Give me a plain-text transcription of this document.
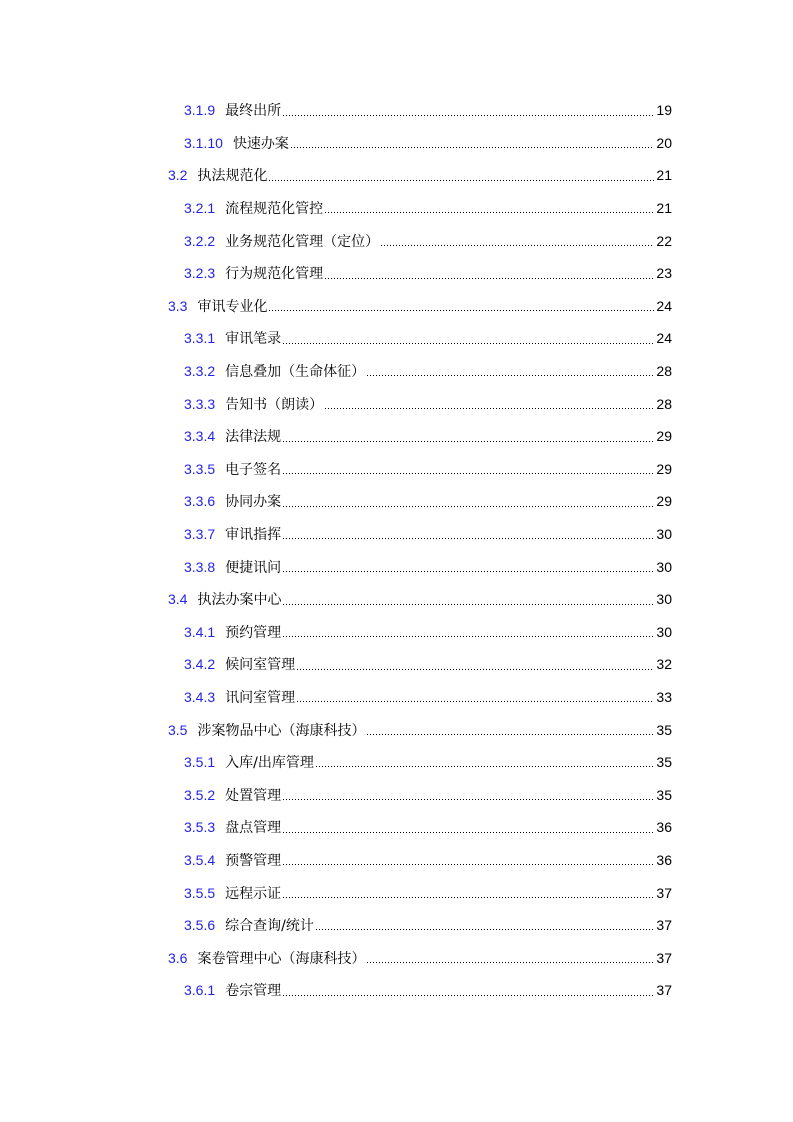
3.1.9 最终出所	19
3.1.10 快速办案	20
3.2 执法规范化	21
3.2.1 流程规范化管控	21
3.2.2 业务规范化管理（定位）	22
3.2.3 行为规范化管理	23
3.3 审讯专业化	24
3.3.1 审讯笔录	24
3.3.2 信息叠加（生命体征）	28
3.3.3 告知书（朗读）	28
3.3.4 法律法规	29
3.3.5 电子签名	29
3.3.6 协同办案	29
3.3.7 审讯指挥	30
3.3.8 便捷讯问	30
3.4 执法办案中心	30
3.4.1 预约管理	30
3.4.2 候问室管理	32
3.4.3 讯问室管理	33
3.5 涉案物品中心（海康科技）	35
3.5.1 入库/出库管理	35
3.5.2 处置管理	35
3.5.3 盘点管理	36
3.5.4 预警管理	36
3.5.5 远程示证	37
3.5.6 综合查询/统计	37
3.6 案卷管理中心（海康科技）	37
3.6.1 卷宗管理	37
